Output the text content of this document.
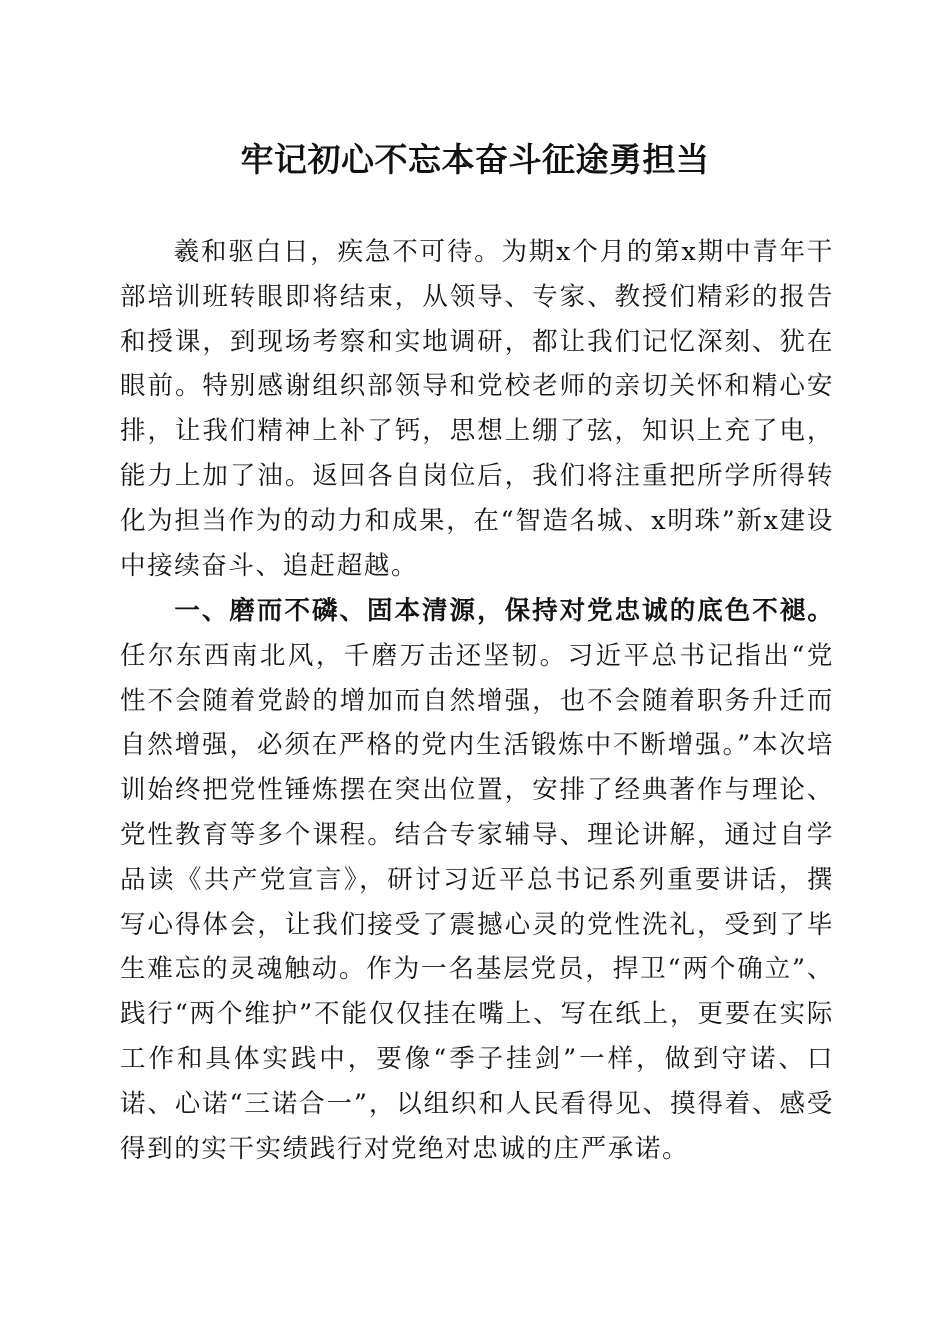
牢记初心不忘本奋斗征途勇担当

羲和驱白日，疾急不可待。为期x个月的第x期中青年干部培训班转眼即将结束，从领导、专家、教授们精彩的报告和授课，到现场考察和实地调研，都让我们记忆深刻、犹在眼前。特别感谢组织部领导和党校老师的亲切关怀和精心安排，让我们精神上补了钙，思想上绷了弦，知识上充了电，能力上加了油。返回各自岗位后，我们将注重把所学所得转化为担当作为的动力和成果，在“智造名城、x明珠”新x建设中接续奋斗、追赶超越。

一、磨而不磷、固本清源，保持对党忠诚的底色不褪。任尔东西南北风，千磨万击还坚韧。习近平总书记指出“党性不会随着党龄的增加而自然增强，也不会随着职务升迁而自然增强，必须在严格的党内生活锻炼中不断增强。”本次培训始终把党性锤炼摆在突出位置，安排了经典著作与理论、党性教育等多个课程。结合专家辅导、理论讲解，通过自学品读《共产党宣言》，研讨习近平总书记系列重要讲话，撰写心得体会，让我们接受了震撼心灵的党性洗礼，受到了毕生难忘的灵魂触动。作为一名基层党员，捍卫“两个确立”、践行“两个维护”不能仅仅挂在嘴上、写在纸上，更要在实际工作和具体实践中，要像“季子挂剑”一样，做到守诺、口诺、心诺“三诺合一”，以组织和人民看得见、摸得着、感受得到的实干实绩践行对党绝对忠诚的庄严承诺。
